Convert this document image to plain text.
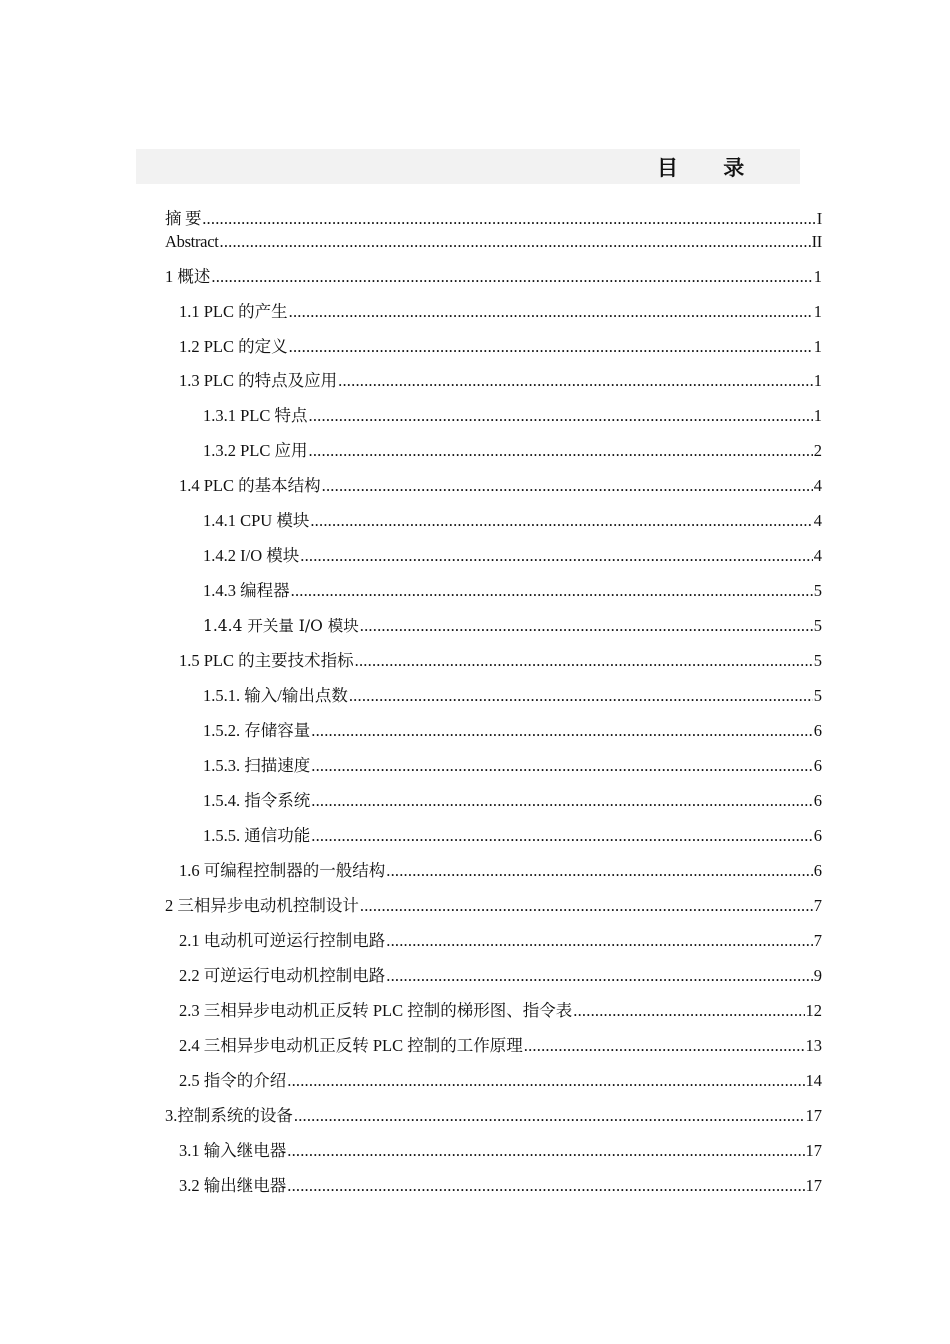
目 录
摘 要 .....	I
Abstract .....	II
1 概述 .....	1
1.1 PLC 的产生 .....	1
1.2 PLC 的定义 .....	1
1.3 PLC 的特点及应用 .....	1
1.3.1 PLC 特点 .....	1
1.3.2 PLC 应用 .....	2
1.4 PLC 的基本结构 .....	4
1.4.1 CPU 模块 .....	4
1.4.2 I/O 模块 .....	4
1.4.3 编程器 .....	5
1.4.4 开关量 I/O 模块 .....	5
1.5 PLC 的主要技术指标 .....	5
1.5.1. 输入/输出点数 .....	5
1.5.2. 存储容量 .....	6
1.5.3. 扫描速度 .....	6
1.5.4. 指令系统 .....	6
1.5.5. 通信功能 .....	6
1.6 可编程控制器的一般结构 .....	6
2 三相异步电动机控制设计 .....	7
2.1 电动机可逆运行控制电路 .....	7
2.2 可逆运行电动机控制电路 .....	9
2.3 三相异步电动机正反转 PLC 控制的梯形图、指令表 .....	12
2.4 三相异步电动机正反转 PLC 控制的工作原理 .....	13
2.5 指令的介绍 .....	14
3.控制系统的设备 .....	17
3.1 输入继电器 .....	17
3.2 输出继电器 .....	17
